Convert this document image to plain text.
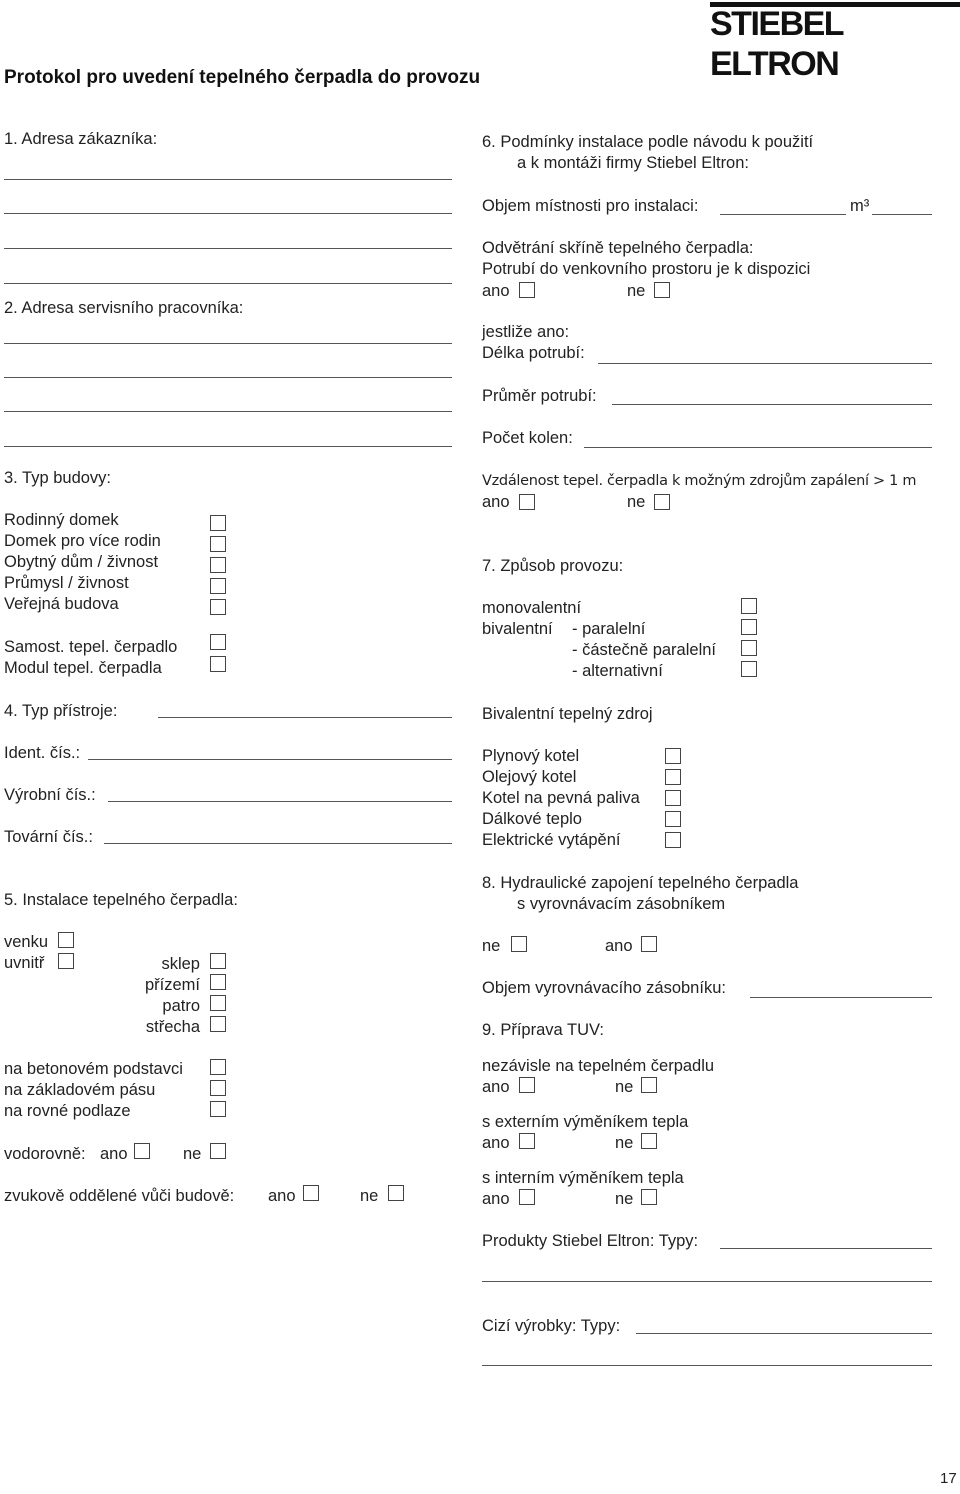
STIEBEL ELTRON
Protokol pro uvedení tepelného čerpadla do provozu
1. Adresa zákazníka:
2. Adresa servisního pracovníka:
3. Typ budovy:
Rodinný domek
Domek pro více rodin
Obytný dům / živnost
Průmysl / živnost
Veřejná budova
Samost. tepel. čerpadlo
Modul tepel. čerpadla
4. Typ přístroje:
Ident. čís.:
Výrobní čís.:
Tovární čís.:
5. Instalace tepelného čerpadla:
venku
uvnitř	sklep
přízemí
patro
střecha
na betonovém podstavci
na základovém pásu
na rovné podlaze
vodorovně: ano	ne
zvukově oddělené vůči budově: ano	ne
6. Podmínky instalace podle návodu k použití
a k montáži firmy Stiebel Eltron:
Objem místnosti pro instalaci:	m³
Odvětrání skříně tepelného čerpadla:
Potrubí do venkovního prostoru je k dispozici
ano	ne
jestliže ano:
Délka potrubí:
Průměr potrubí:
Počet kolen:
Vzdálenost tepel. čerpadla k možným zdrojům zapálení > 1 m
ano	ne
7. Způsob provozu:
monovalentní
bivalentní - paralelní
- částečně paralelní
- alternativní
Bivalentní tepelný zdroj
Plynový kotel
Olejový kotel
Kotel na pevná paliva
Dálkové teplo
Elektrické vytápění
8. Hydraulické zapojení tepelného čerpadla
s vyrovnávacím zásobníkem
ne	ano
Objem vyrovnávacího zásobníku:
9. Příprava TUV:
nezávisle na tepelném čerpadlu
ano	ne
s externím výměníkem tepla
ano	ne
s interním výměníkem tepla
ano	ne
Produkty Stiebel Eltron: Typy:
Cizí výrobky: Typy:
17
